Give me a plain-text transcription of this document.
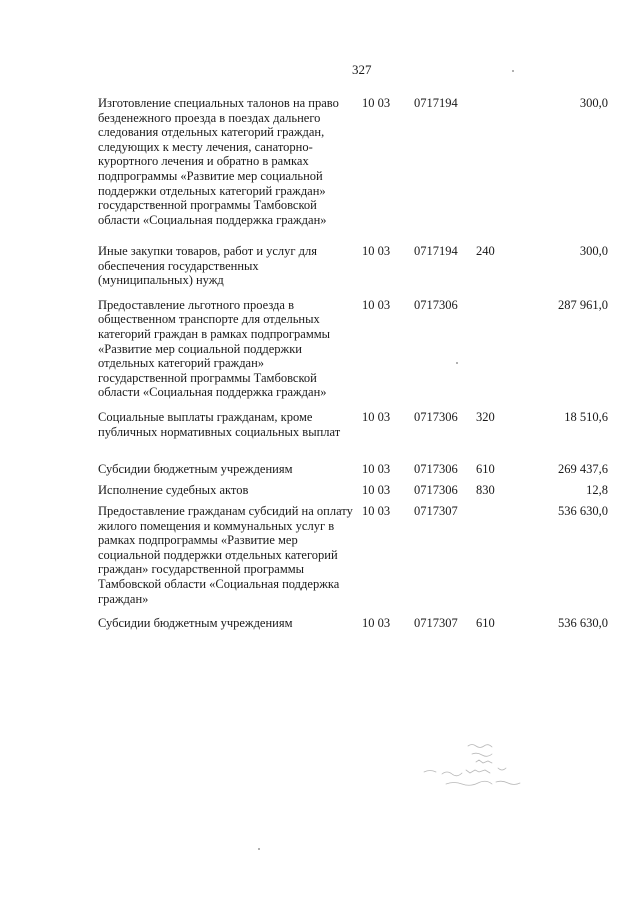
327
Изготовление специальных талонов на право безденежного проезда в поездах дальнего следования отдельных категорий граждан, следующих к месту лечения, санаторно-курортного лечения и обратно в рамках подпрограммы «Развитие мер социальной поддержки отдельных категорий граждан» государственной программы Тамбовской области «Социальная поддержка граждан»	10 03	0717194		300,0
Иные закупки товаров, работ и услуг для обеспечения государственных (муниципальных) нужд	10 03	0717194	240	300,0
Предоставление льготного проезда в общественном транспорте для отдельных категорий граждан в рамках подпрограммы «Развитие мер социальной поддержки отдельных категорий граждан» государственной программы Тамбовской области «Социальная поддержка граждан»	10 03	0717306		287 961,0
Социальные выплаты гражданам, кроме публичных нормативных социальных выплат	10 03	0717306	320	18 510,6
Субсидии бюджетным учреждениям	10 03	0717306	610	269 437,6
Исполнение судебных актов	10 03	0717306	830	12,8
Предоставление гражданам субсидий на оплату жилого помещения и коммунальных услуг в рамках подпрограммы «Развитие мер социальной поддержки отдельных категорий граждан» государственной программы Тамбовской области «Социальная поддержка граждан»	10 03	0717307		536 630,0
Субсидии бюджетным учреждениям	10 03	0717307	610	536 630,0
